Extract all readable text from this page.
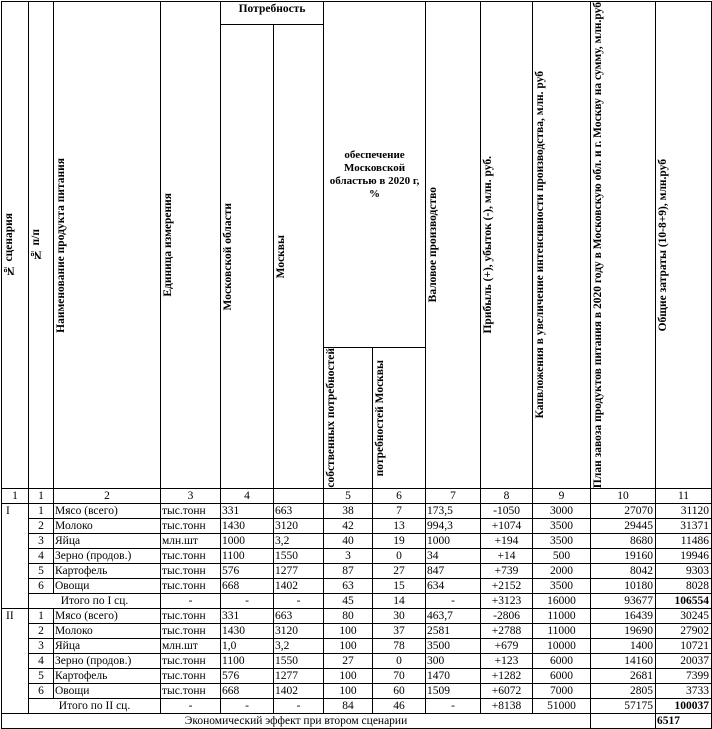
№ сценария	№ п/п	Наименование продукта питания	Единица измерения	Потребность		обеспечение Московской областью в 2020 г, %		Валовое производство	Прибыль (+), убыток (-), млн. руб.	Капвложения в увеличение интенсивности производства, млн. руб	План завоза продуктов питания в 2020 году в Московскую обл. и г. Москву на сумму, млн.руб	Общие затраты (10-8+9), млн.руб

				Московской области	Москвы							

						собственных потребностей	потребностей Москвы					

1	1	2	3	4		5	6	7	8	9	10	11
I	1	Мясо (всего)	тыс.тонн	331	663	38	7	173,5	-1050	3000	27070	31120
	2	Молоко	тыс.тонн	1430	3120	42	13	994,3	+1074	3500	29445	31371
	3	Яйца	млн.шт	1000	3,2	40	19	1000	+194	3500	8680	11486
	4	Зерно (продов.)	тыс.тонн	1100	1550	3	0	34	+14	500	19160	19946
	5	Картофель	тыс.тонн	576	1277	87	27	847	+739	2000	8042	9303
	6	Овощи	тыс.тонн	668	1402	63	15	634	+2152	3500	10180	8028
	Итого по I сц.		-	-	-	45	14	-	+3123	16000	93677	106554
II	1	Мясо (всего)	тыс.тонн	331	663	80	30	463,7	-2806	11000	16439	30245
	2	Молоко	тыс.тонн	1430	3120	100	37	2581	+2788	11000	19690	27902
	3	Яйца	млн.шт	1,0	3,2	100	78	3500	+679	10000	1400	10721
	4	Зерно (продов.)	тыс.тонн	1100	1550	27	0	300	+123	6000	14160	20037
	5	Картофель	тыс.тонн	576	1277	100	70	1470	+1282	6000	2681	7399
	6	Овощи	тыс.тонн	668	1402	100	60	1509	+6072	7000	2805	3733
	Итого по II сц.		-	-	-	84	46	-	+8138	51000	57175	100037
Экономический эффект при втором сценарии												6517
